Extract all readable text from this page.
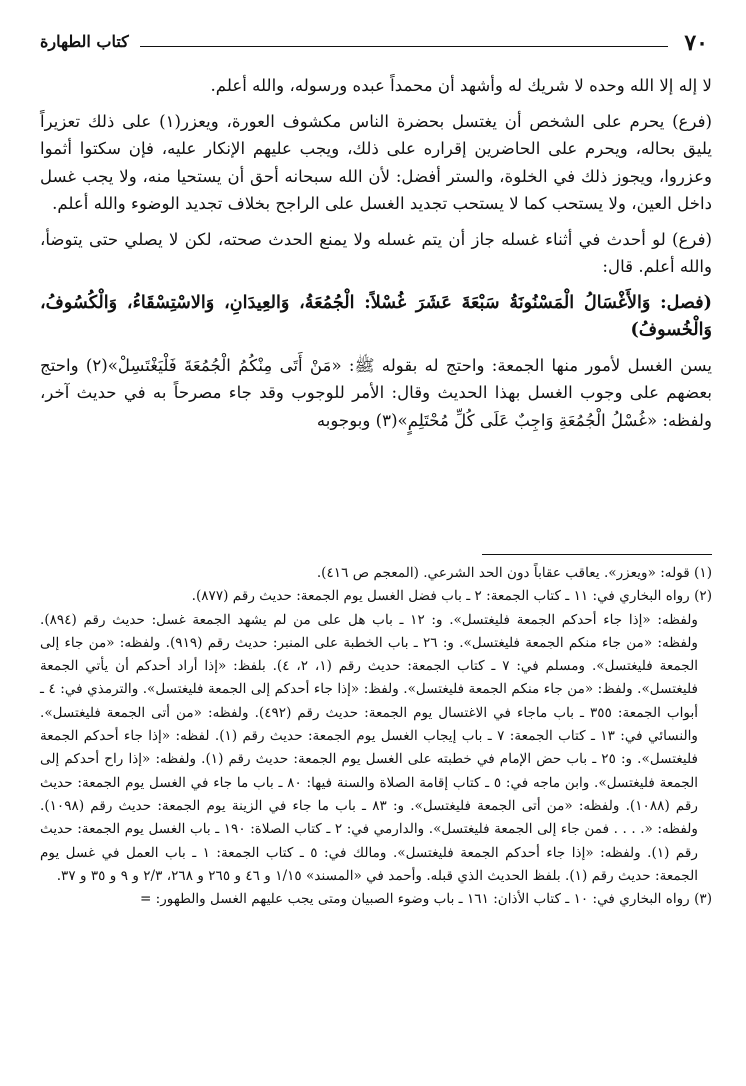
٧٠
كتاب الطهارة

لا إله إلا الله وحده لا شريك له وأشهد أن محمداً عبده ورسوله، والله أعلم.

(فرع) يحرم على الشخص أن يغتسل بحضرة الناس مكشوف العورة، ويعزر(١) على ذلك تعزيراً يليق بحاله، ويحرم على الحاضرين إقراره على ذلك، ويجب عليهم الإنكار عليه، فإن سكتوا أثموا وعزروا، ويجوز ذلك في الخلوة، والستر أفضل: لأن الله سبحانه أحق أن يستحيا منه، ولا يجب غسل داخل العين، ولا يستحب كما لا يستحب تجديد الغسل على الراجح بخلاف تجديد الوضوء والله أعلم.

(فرع) لو أحدث في أثناء غسله جاز أن يتم غسله ولا يمنع الحدث صحته، لكن لا يصلي حتى يتوضأ، والله أعلم. قال:

(فصل: وَالأَغْسَالُ الْمَسْنُونَةُ سَبْعَةَ عَشَرَ غُسْلاً: الْجُمُعَةُ، وَالعِيدَانِ، وَالاسْتِسْقَاءُ، وَالْكُسُوفُ، وَالْخُسوفُ)

يسن الغسل لأمور منها الجمعة: واحتج له بقوله ﷺ: «مَنْ أَتَى مِنْكُمُ الْجُمُعَةَ فَلْيَغْتَسِلْ»(٢) واحتج بعضهم على وجوب الغسل بهذا الحديث وقال: الأمر للوجوب وقد جاء مصرحاً به في حديث آخر، ولفظه: «غُسْلُ الْجُمُعَةِ وَاجِبٌ عَلَى كُلِّ مُحْتَلِمٍ»(٣) وبوجوبه

(١) قوله: «ويعزر». يعاقب عقاباً دون الحد الشرعي. (المعجم ص ٤١٦).

(٢) رواه البخاري في: ١١ ـ كتاب الجمعة: ٢ ـ باب فضل الغسل يوم الجمعة: حديث رقم (٨٧٧).

ولفظه: «إذا جاء أحدكم الجمعة فليغتسل». و: ١٢ ـ باب هل على من لم يشهد الجمعة غسل: حديث رقم (٨٩٤). ولفظه: «من جاء منكم الجمعة فليغتسل». و: ٢٦ ـ باب الخطبة على المنبر: حديث رقم (٩١٩). ولفظه: «من جاء إلى الجمعة فليغتسل». ومسلم في: ٧ ـ كتاب الجمعة: حديث رقم (١، ٢، ٤). بلفظ: «إذا أراد أحدكم أن يأتي الجمعة فليغتسل». ولفظ: «من جاء منكم الجمعة فليغتسل». ولفظ: «إذا جاء أحدكم إلى الجمعة فليغتسل». والترمذي في: ٤ ـ أبواب الجمعة: ٣٥٥ ـ باب ماجاء في الاغتسال يوم الجمعة: حديث رقم (٤٩٢). ولفظه: «من أتى الجمعة فليغتسل». والنسائي في: ١٣ ـ كتاب الجمعة: ٧ ـ باب إيجاب الغسل يوم الجمعة: حديث رقم (١). لفظه: «إذا جاء أحدكم الجمعة فليغتسل». و: ٢٥ ـ باب حض الإمام في خطبته على الغسل يوم الجمعة: حديث رقم (١). ولفظه: «إذا راح أحدكم إلى الجمعة فليغتسل». وابن ماجه في: ٥ ـ كتاب إقامة الصلاة والسنة فيها: ٨٠ ـ باب ما جاء في الغسل يوم الجمعة: حديث رقم (١٠٨٨). ولفظه: «من أتى الجمعة فليغتسل». و: ٨٣ ـ باب ما جاء في الزينة يوم الجمعة: حديث رقم (١٠٩٨). ولفظه: «. . . . فمن جاء إلى الجمعة فليغتسل». والدارمي في: ٢ ـ كتاب الصلاة: ١٩٠ ـ باب الغسل يوم الجمعة: حديث رقم (١). ولفظه: «إذا جاء أحدكم الجمعة فليغتسل». ومالك في: ٥ ـ كتاب الجمعة: ١ ـ باب العمل في غسل يوم الجمعة: حديث رقم (١). بلفظ الحديث الذي قبله. وأحمد في «المسند» ١/١٥ و ٤٦ و ٢٦٥ و ٢٦٨، ٢/٣ و ٩ و ٣٥ و ٣٧.

(٣) رواه البخاري في: ١٠ ـ كتاب الأذان: ١٦١ ـ باب وضوء الصبيان ومتى يجب عليهم الغسل والطهور: =
